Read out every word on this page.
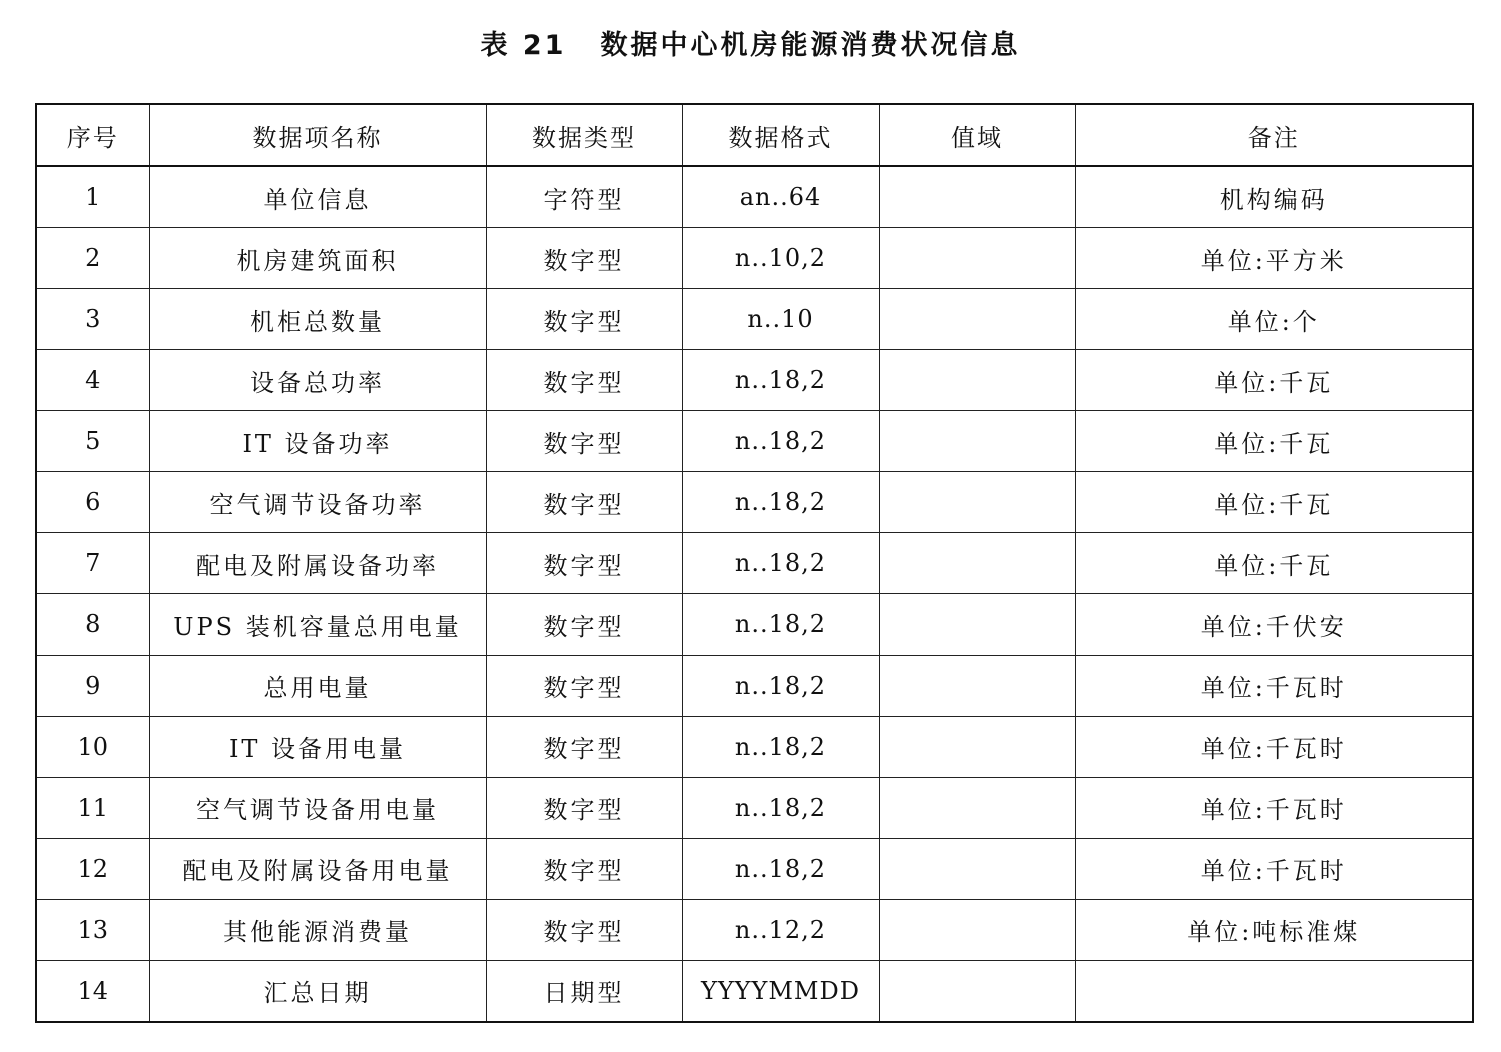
表 21 数据中心机房能源消费状况信息
序号	数据项名称	数据类型	数据格式	值域	备注
1	单位信息	字符型	an..64		机构编码
2	机房建筑面积	数字型	n..10,2		单位:平方米
3	机柜总数量	数字型	n..10		单位:个
4	设备总功率	数字型	n..18,2		单位:千瓦
5	IT 设备功率	数字型	n..18,2		单位:千瓦
6	空气调节设备功率	数字型	n..18,2		单位:千瓦
7	配电及附属设备功率	数字型	n..18,2		单位:千瓦
8	UPS 装机容量总用电量	数字型	n..18,2		单位:千伏安
9	总用电量	数字型	n..18,2		单位:千瓦时
10	IT 设备用电量	数字型	n..18,2		单位:千瓦时
11	空气调节设备用电量	数字型	n..18,2		单位:千瓦时
12	配电及附属设备用电量	数字型	n..18,2		单位:千瓦时
13	其他能源消费量	数字型	n..12,2		单位:吨标准煤
14	汇总日期	日期型	YYYYMMDD		
